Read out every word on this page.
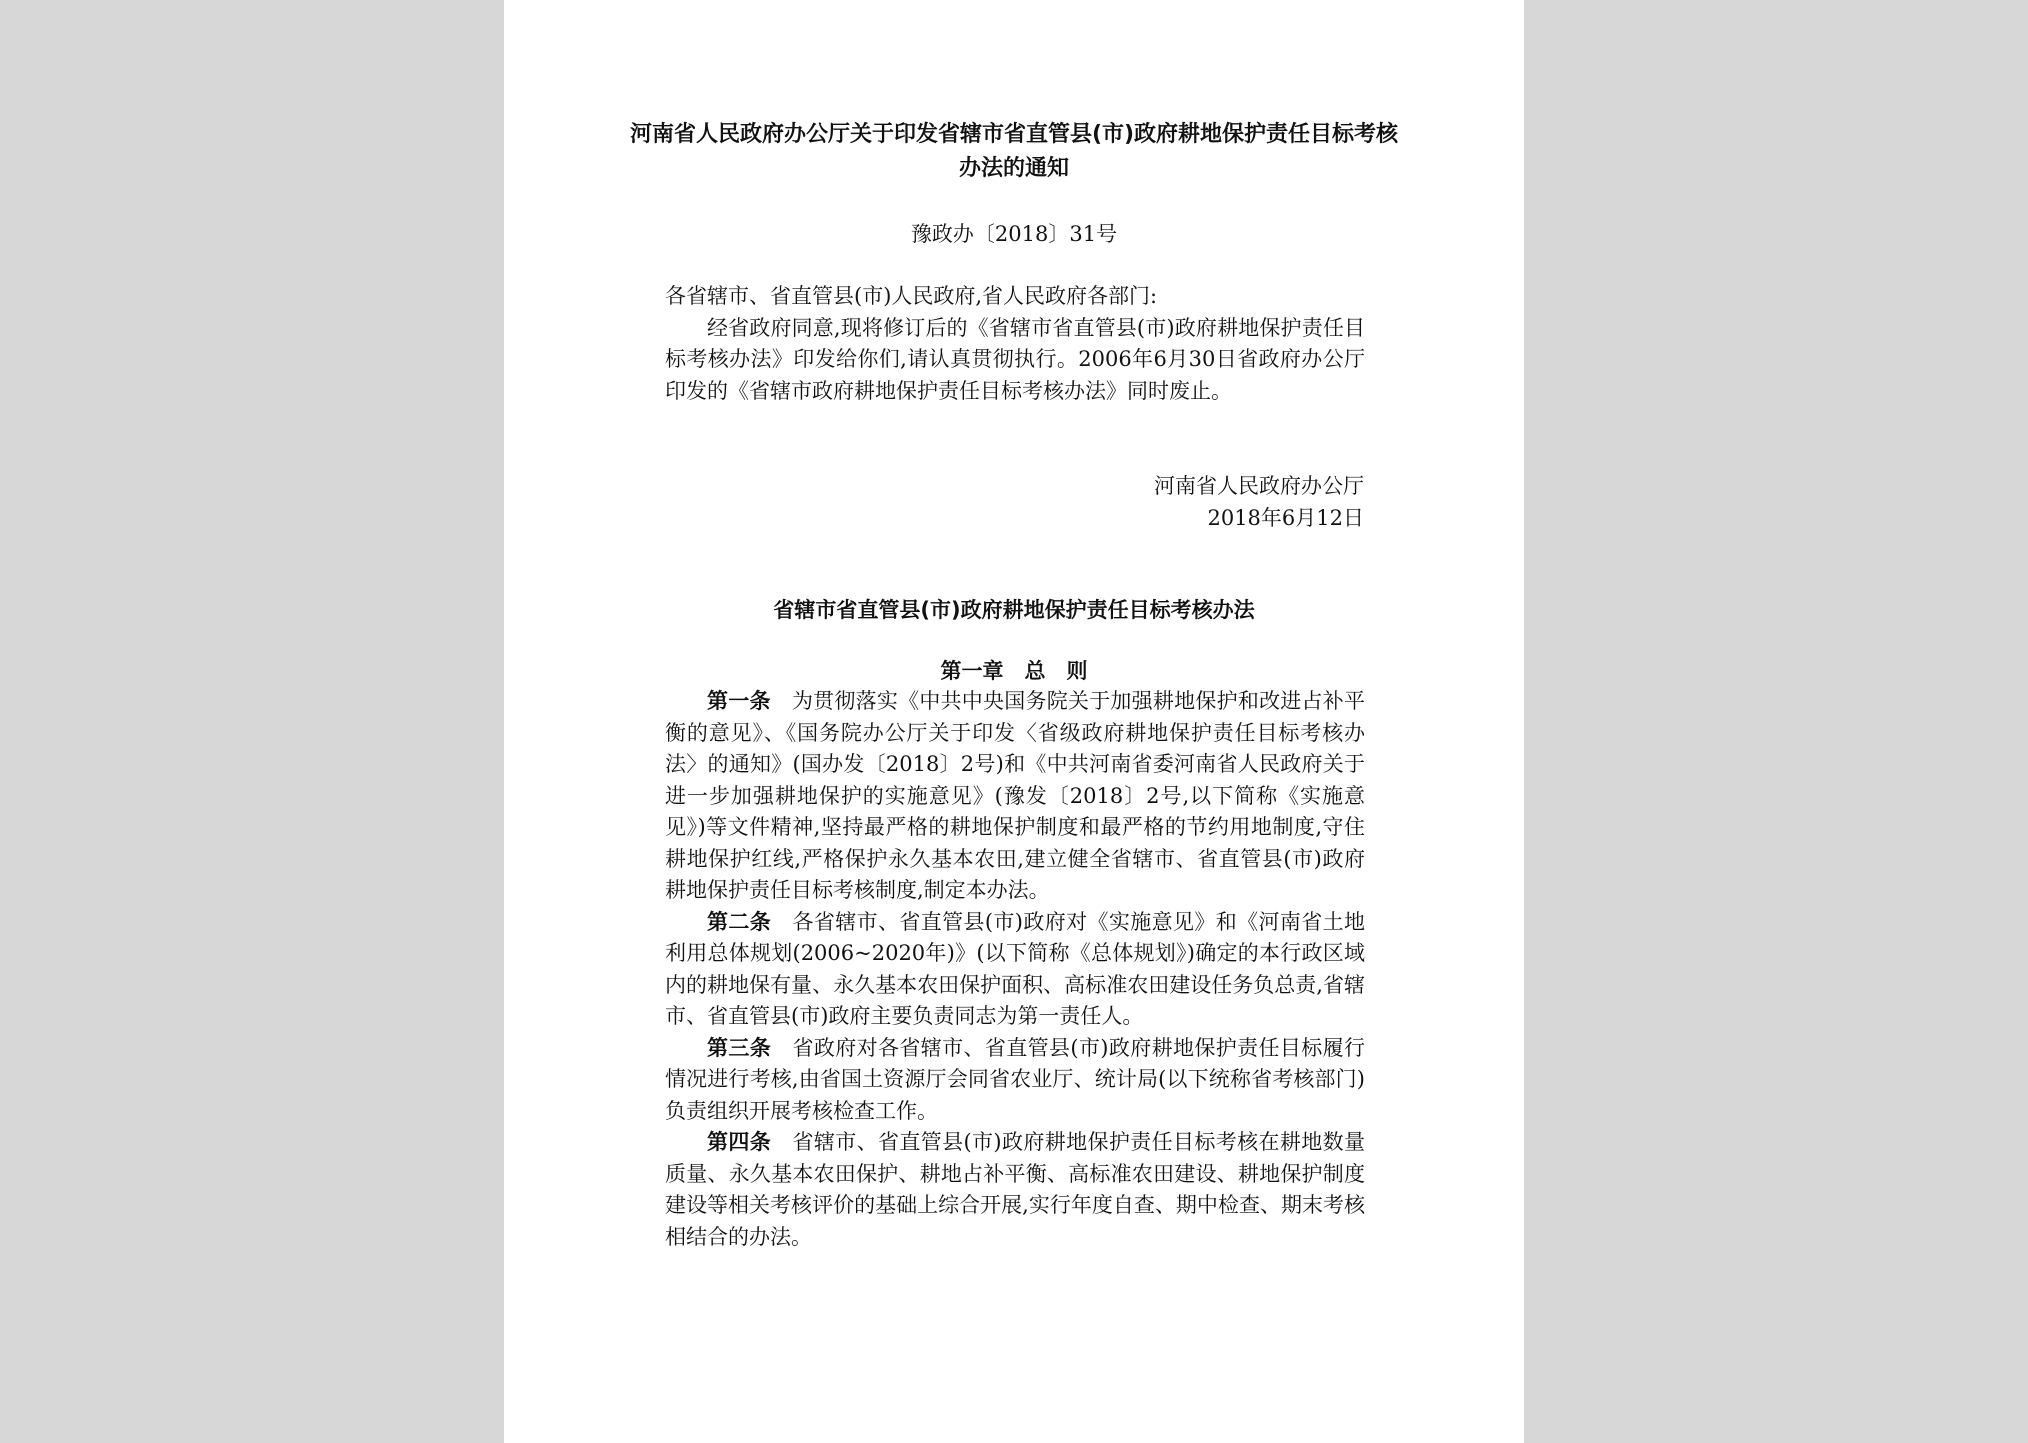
河南省人民政府办公厅关于印发省辖市省直管县(市)政府耕地保护责任目标考核办法的通知
豫政办〔2018〕31号

各省辖市、省直管县(市)人民政府,省人民政府各部门:

经省政府同意,现将修订后的《省辖市省直管县(市)政府耕地保护责任目标考核办法》印发给你们,请认真贯彻执行。2006年6月30日省政府办公厅印发的《省辖市政府耕地保护责任目标考核办法》同时废止。

河南省人民政府办公厅
2018年6月12日
省辖市省直管县(市)政府耕地保护责任目标考核办法
第一章　总　则

第一条　 为贯彻落实《中共中央国务院关于加强耕地保护和改进占补平衡的意见》、《国务院办公厅关于印发〈省级政府耕地保护责任目标考核办法〉的通知》(国办发〔2018〕2号)和《中共河南省委河南省人民政府关于进一步加强耕地保护的实施意见》(豫发〔2018〕2号,以下简称《实施意见》)等文件精神,坚持最严格的耕地保护制度和最严格的节约用地制度,守住耕地保护红线,严格保护永久基本农田,建立健全省辖市、省直管县(市)政府耕地保护责任目标考核制度,制定本办法。

第二条　 各省辖市、省直管县(市)政府对《实施意见》和《河南省土地利用总体规划(2006~2020年)》(以下简称《总体规划》)确定的本行政区域内的耕地保有量、永久基本农田保护面积、高标准农田建设任务负总责,省辖市、省直管县(市)政府主要负责同志为第一责任人。

第三条　 省政府对各省辖市、省直管县(市)政府耕地保护责任目标履行情况进行考核,由省国土资源厅会同省农业厅、统计局(以下统称省考核部门)负责组织开展考核检查工作。

第四条　 省辖市、省直管县(市)政府耕地保护责任目标考核在耕地数量质量、永久基本农田保护、耕地占补平衡、高标准农田建设、耕地保护制度建设等相关考核评价的基础上综合开展,实行年度自查、期中检查、期末考核相结合的办法。
